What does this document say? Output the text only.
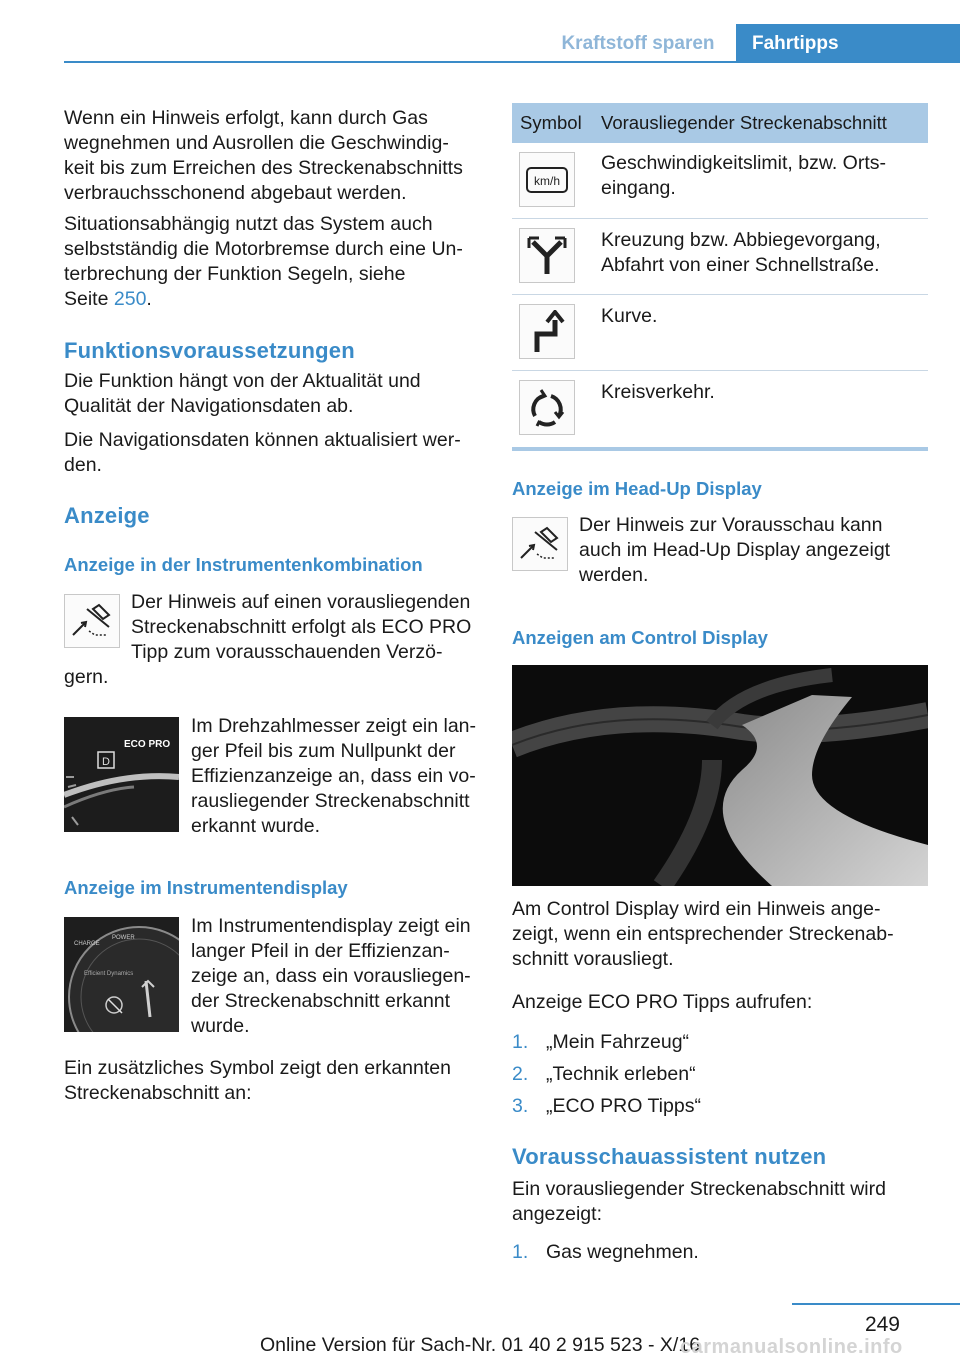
Kraftstoff sparen	Fahrtipps

Wenn ein Hinweis erfolgt, kann durch Gas

wegnehmen und Ausrollen die Geschwindig‐

keit bis zum Erreichen des Streckenabschnitts

verbrauchsschonend abgebaut werden.

Situationsabhängig nutzt das System auch

selbstständig die Motorbremse durch eine Un‐

terbrechung der Funktion Segeln, siehe

Seite 250.

Funktionsvoraussetzungen

Die Funktion hängt von der Aktualität und

Qualität der Navigationsdaten ab.

Die Navigationsdaten können aktualisiert wer‐

den.

Anzeige
Anzeige in der Instrumentenkombination

Der Hinweis auf einen vorausliegenden

Streckenabschnitt erfolgt als ECO PRO

Tipp zum vorausschauenden Verzö‐

gern.
D
ECO PRO

Im Drehzahlmesser zeigt ein lan‐

ger Pfeil bis zum Nullpunkt der

Effizienzanzeige an, dass ein vo‐

rausliegender Streckenabschnitt

erkannt wurde.

Anzeige im Instrumentendisplay
CHARGE
POWER
Efficient Dynamics

Im Instrumentendisplay zeigt ein

langer Pfeil in der Effizienzan‐

zeige an, dass ein vorausliegen‐

der Streckenabschnitt erkannt

wurde.

Ein zusätzliches Symbol zeigt den erkannten

Streckenabschnitt an:

Symbol Vorausliegender Streckenabschnitt
km/h

Geschwindigkeitslimit, bzw. Orts‐

eingang.

Kreuzung bzw. Abbiegevorgang,

Abfahrt von einer Schnellstraße.

Kurve.

Kreisverkehr.

Anzeige im Head-Up Display

Der Hinweis zur Vorausschau kann

auch im Head-Up Display angezeigt

werden.

Anzeigen am Control Display

Am Control Display wird ein Hinweis ange‐

zeigt, wenn ein entsprechender Streckenab‐

schnitt vorausliegt.

Anzeige ECO PRO Tipps aufrufen:
1. „Mein Fahrzeug“
2. „Technik erleben“
3. „ECO PRO Tipps“
Vorausschauassistent nutzen

Ein vorausliegender Streckenabschnitt wird

angezeigt:

1. Gas wegnehmen.
249
Online Version für Sach-Nr. 01 40 2 915 523 - X/16
carmanualsonline.info
